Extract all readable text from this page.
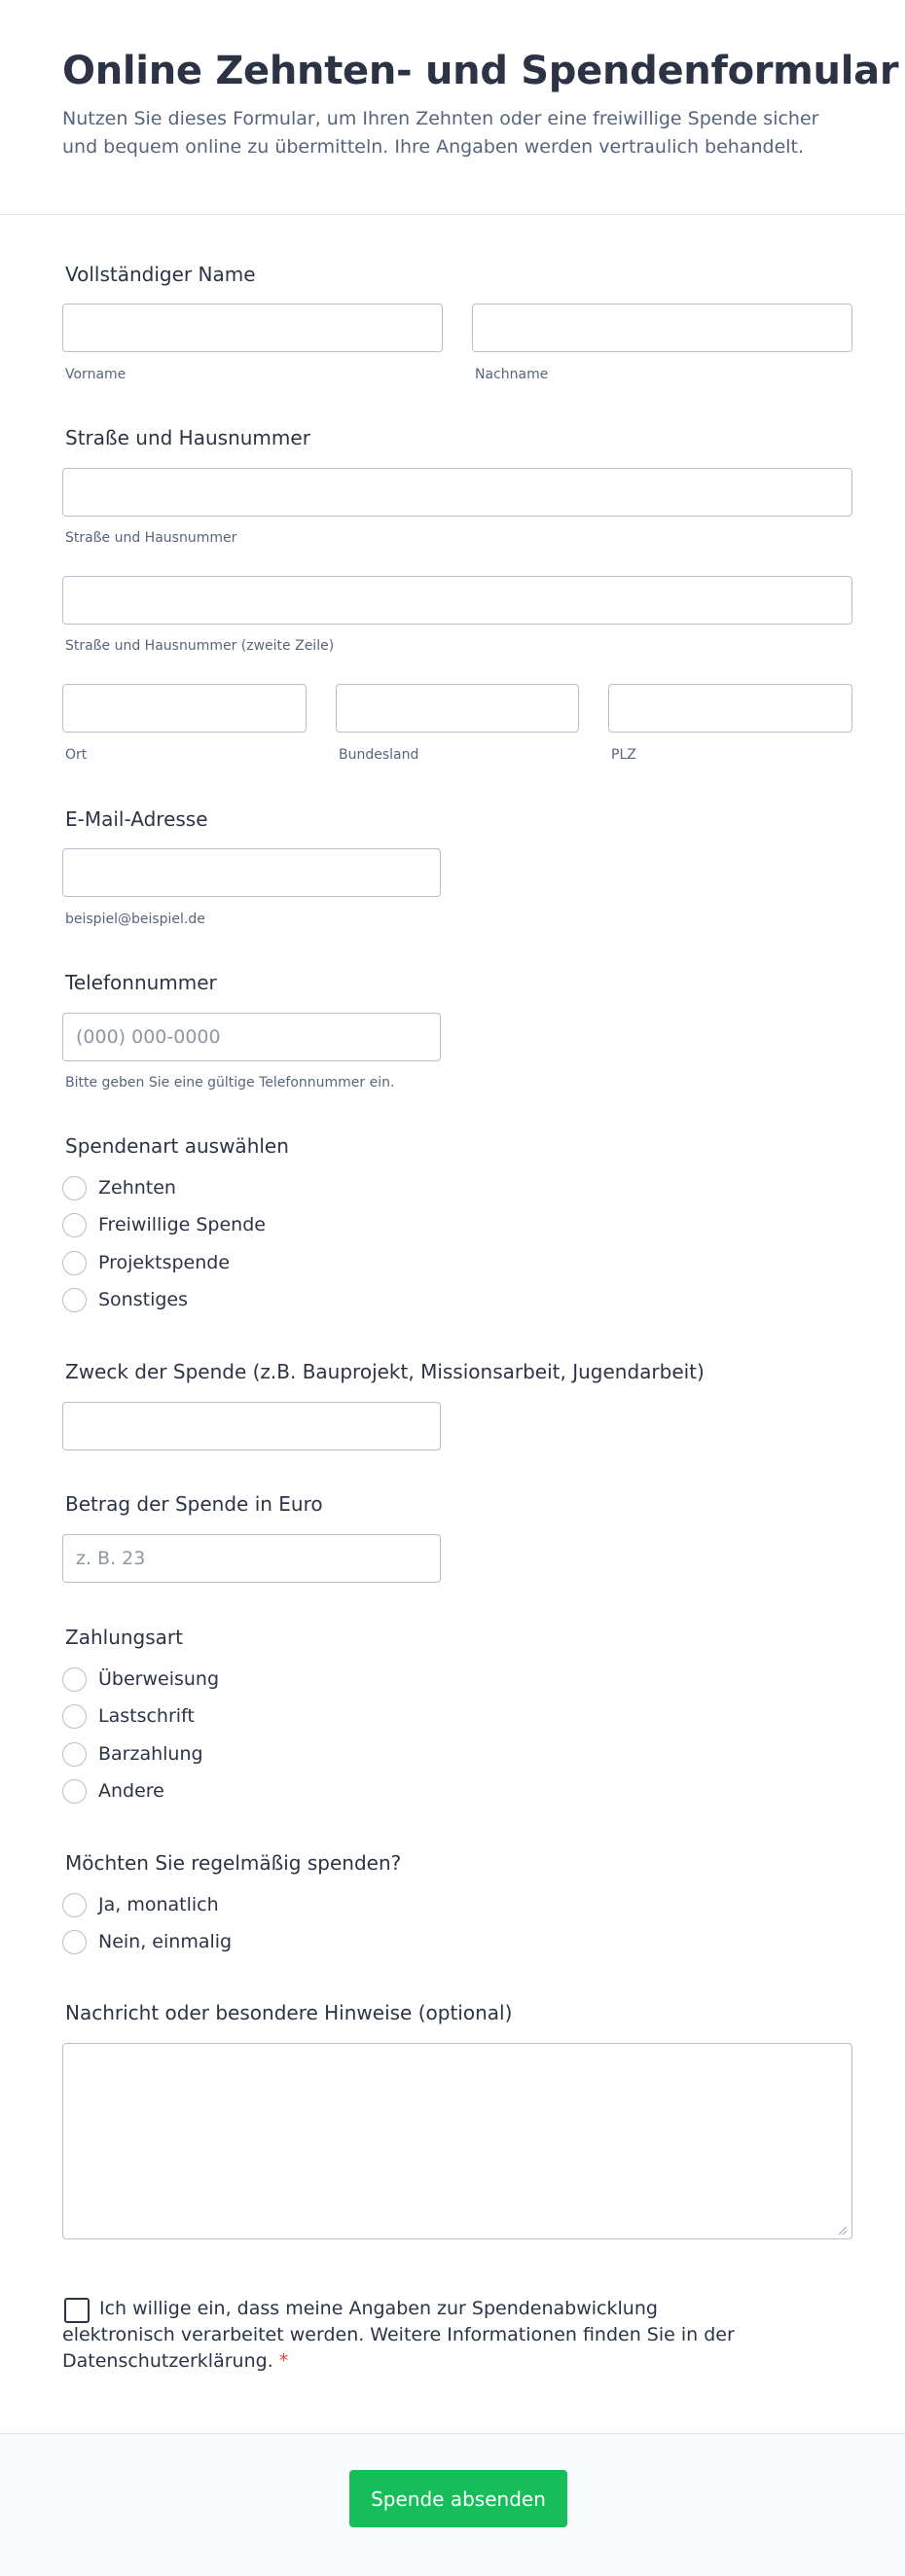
Online Zehnten- und Spendenformular
Nutzen Sie dieses Formular, um Ihren Zehnten oder eine freiwillige Spende sicher und bequem online zu übermitteln. Ihre Angaben werden vertraulich behandelt.
Vollständiger Name
Vorname	Nachname
Straße und Hausnummer
Straße und Hausnummer
Straße und Hausnummer (zweite Zeile)
Ort	Bundesland	PLZ
E-Mail-Adresse
beispiel@beispiel.de
Telefonnummer
(000) 000-0000
Bitte geben Sie eine gültige Telefonnummer ein.
Spendenart auswählen
Zehnten
Freiwillige Spende
Projektspende
Sonstiges
Zweck der Spende (z.B. Bauprojekt, Missionsarbeit, Jugendarbeit)
Betrag der Spende in Euro
z. B. 23
Zahlungsart
Überweisung
Lastschrift
Barzahlung
Andere
Möchten Sie regelmäßig spenden?
Ja, monatlich
Nein, einmalig
Nachricht oder besondere Hinweise (optional)
Ich willige ein, dass meine Angaben zur Spendenabwicklung elektronisch verarbeitet werden. Weitere Informationen finden Sie in der Datenschutzerklärung. *
Spende absenden
